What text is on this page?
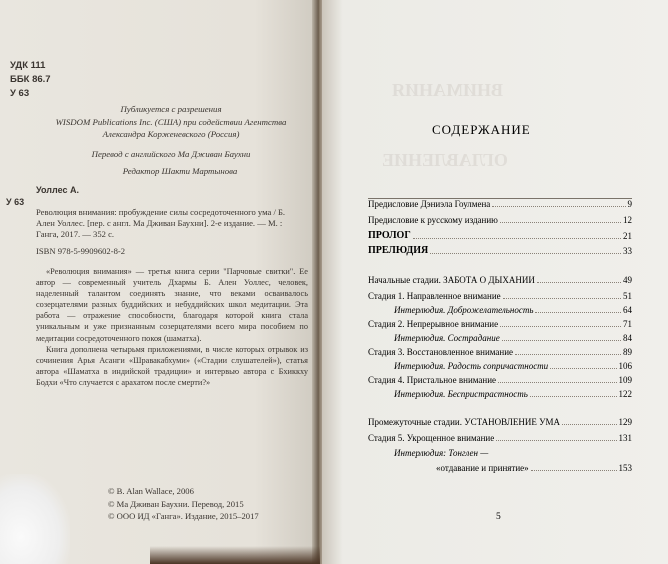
УДК 111
ББК 86.7
У 63
Публикуется с разрешения
WISDOM Publications Inc. (США) при содействии Агентства
Александра Корженевского (Россия)
Перевод с английского Ма Дживан Баухни
Редактор Шакти Мартынова
Уоллес А.
У 63
Революция внимания: пробуждение силы сосредоточенного ума / Б. Ален Уоллес. [пер. с англ. Ма Дживан Баухни]. 2-е издание. — М. : Ганга, 2017. — 352 с.
ISBN 978-5-9909602-8-2

«Революция внимания» — третья книга серии "Парчовые свитки". Ее автор — современный учитель Дхармы Б. Ален Уоллес, человек, наделенный талантом соединять знание, что веками осваивалось созерцателями разных буддийских и небуддийских школ медитации. Эта работа — отражение способности, благодаря которой книга стала уникальным и уже признанным созерцателями всего мира пособием по медитации сосредоточенного покоя (шаматха).

Книга дополнена четырьмя приложениями, в числе которых отрывок из сочинения Арья Асанги «Шравакабхуми» («Стадии слушателей»), статья автора «Шаматха в индийской традиции» и интервью автора с Бхиккху Бодхи «Что случается с арахатом после смерти?»

© B. Alan Wallace, 2006
© Ма Дживан Баухни. Перевод, 2015
© ООО ИД «Ганга». Издание, 2015–2017
ВНИМАНИЯ
ОГЛАВЛЕНИЕ
СОДЕРЖАНИЕ
Предисловие Дэниэла Гоулмена	9
Предисловие к русскому изданию	12
ПРОЛОГ	21
ПРЕЛЮДИЯ	33
Начальные стадии. ЗАБОТА О ДЫХАНИИ	49
Стадия 1. Направленное внимание	51
Интерлюдия. Доброжелательность	64
Стадия 2. Непрерывное внимание	71
Интерлюдия. Сострадание	84
Стадия 3. Восстановленное внимание	89
Интерлюдия. Радость сопричастности	106
Стадия 4. Пристальное внимание	109
Интерлюдия. Беспристрастность	122
Промежуточные стадии. УСТАНОВЛЕНИЕ УМА	129
Стадия 5. Укрощенное внимание	131
Интерлюдия: Тонглен —
«отдавание и принятие»	153
5
